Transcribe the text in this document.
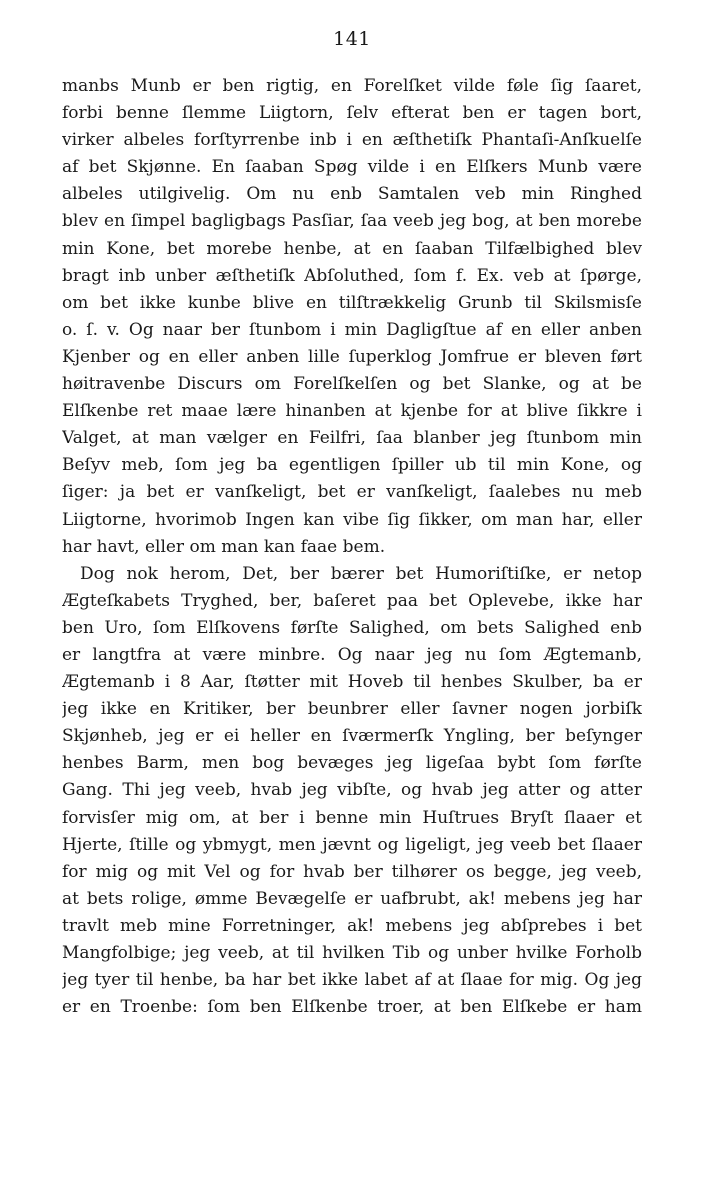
141
manbs Munb er ben rigtig, en Forelſket vilde føle ſig ſaaret,
forbi benne ſlemme Liigtorn, ſelv efterat ben er tagen bort,
virker albeles forſtyrrenbe inb i en æſthetiſk Phantaſi-Anſkuelſe
af bet Skjønne. En ſaaban Spøg vilde i en Elſkers Munb være
albeles utilgivelig. Om nu enb Samtalen veb min Ringhed
blev en ſimpel bagligbags Pasſiar, ſaa veeb jeg bog, at ben morebe
min Kone, bet morebe henbe, at en ſaaban Tilfælbighed blev
bragt inb unber æſthetiſk Abſoluthed, ſom f. Ex. veb at ſpørge,
om bet ikke kunbe blive en tilſtrækkelig Grunb til Skilsmisſe
o. ſ. v. Og naar ber ſtunbom i min Dagligſtue af en eller anben
Kjenber og en eller anben lille ſuperklog Jomfrue er bleven ført
høitravenbe Discurs om Forelſkelſen og bet Slanke, og at be
Elſkenbe ret maae lære hinanben at kjenbe for at blive ſikkre i
Valget, at man vælger en Feilfri, ſaa blanber jeg ſtunbom min
Beſyv meb, ſom jeg ba egentligen ſpiller ub til min Kone, og
ſiger: ja bet er vanſkeligt, bet er vanſkeligt, ſaalebes nu meb
Liigtorne, hvorimob Ingen kan vibe ſig ſikker, om man har, eller
har havt, eller om man kan faae bem.
Dog nok herom, Det, ber bærer bet Humoriſtiſke, er netop
Ægteſkabets Tryghed, ber, baſeret paa bet Oplevebe, ikke har
ben Uro, ſom Elſkovens førſte Salighed, om bets Salighed enb
er langtfra at være minbre. Og naar jeg nu ſom Ægtemanb,
Ægtemanb i 8 Aar, ſtøtter mit Hoveb til henbes Skulber, ba er
jeg ikke en Kritiker, ber beunbrer eller ſavner nogen jorbiſk
Skjønheb, jeg er ei heller en ſværmerſk Yngling, ber beſynger
henbes Barm, men bog bevæges jeg ligeſaa bybt ſom førſte
Gang. Thi jeg veeb, hvab jeg vibſte, og hvab jeg atter og atter
forvisſer mig om, at ber i benne min Huſtrues Bryſt ſlaaer et
Hjerte, ſtille og ybmygt, men jævnt og ligeligt, jeg veeb bet ſlaaer
for mig og mit Vel og for hvab ber tilhører os begge, jeg veeb,
at bets rolige, ømme Bevægelſe er uafbrubt, ak! mebens jeg har
travlt meb mine Forretninger, ak! mebens jeg abſprebes i bet
Mangfolbige; jeg veeb, at til hvilken Tib og unber hvilke Forholb
jeg tyer til henbe, ba har bet ikke labet af at ſlaae for mig. Og jeg
er en Troenbe: ſom ben Elſkenbe troer, at ben Elſkebe er ham
